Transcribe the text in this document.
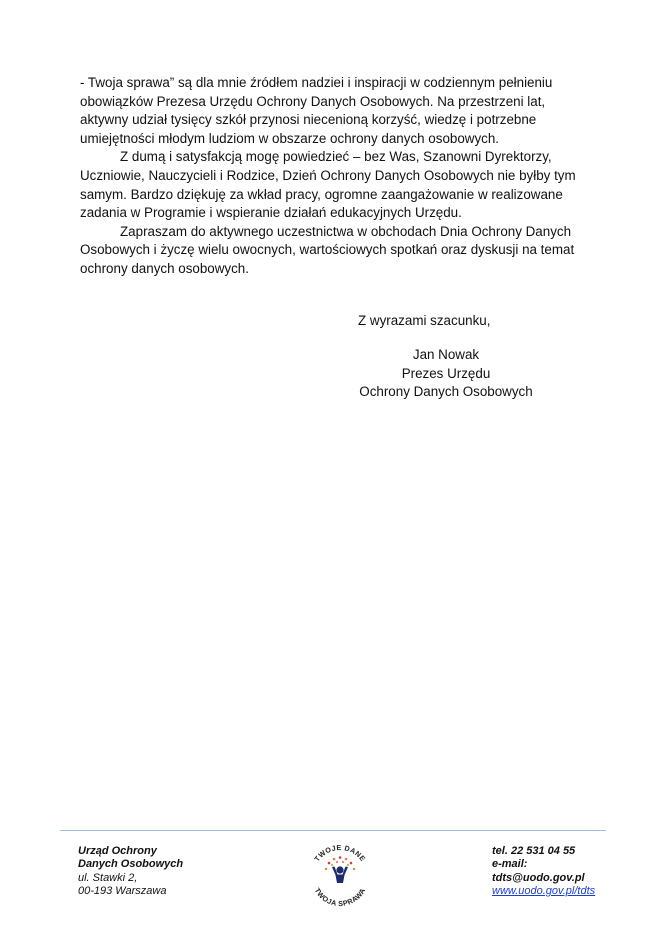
- Twoja sprawa” są dla mnie źródłem nadziei i inspiracji w codziennym pełnieniu obowiązków Prezesa Urzędu Ochrony Danych Osobowych. Na przestrzeni lat, aktywny udział tysięcy szkół przynosi niecenioną korzyść, wiedzę i potrzebne umiejętności młodym ludziom w obszarze ochrony danych osobowych.

Z dumą i satysfakcją mogę powiedzieć – bez Was, Szanowni Dyrektorzy, Uczniowie, Nauczycieli i Rodzice, Dzień Ochrony Danych Osobowych nie byłby tym samym. Bardzo dziękuję za wkład pracy, ogromne zaangażowanie w realizowane zadania w Programie i wspieranie działań edukacyjnych Urzędu.

Zapraszam do aktywnego uczestnictwa w obchodach Dnia Ochrony Danych Osobowych i życzę wielu owocnych, wartościowych spotkań oraz dyskusji na temat ochrony danych osobowych.

Z wyrazami szacunku,
Jan Nowak
Prezes Urzędu
Ochrony Danych Osobowych
Urząd Ochrony
Danych Osobowych
ul. Stawki 2,
00-193 Warszawa
TWOJE DANE
TWOJA SPRAWA
tel. 22 531 04 55
e-mail:
tdts@uodo.gov.pl
www.uodo.gov.pl/tdts
